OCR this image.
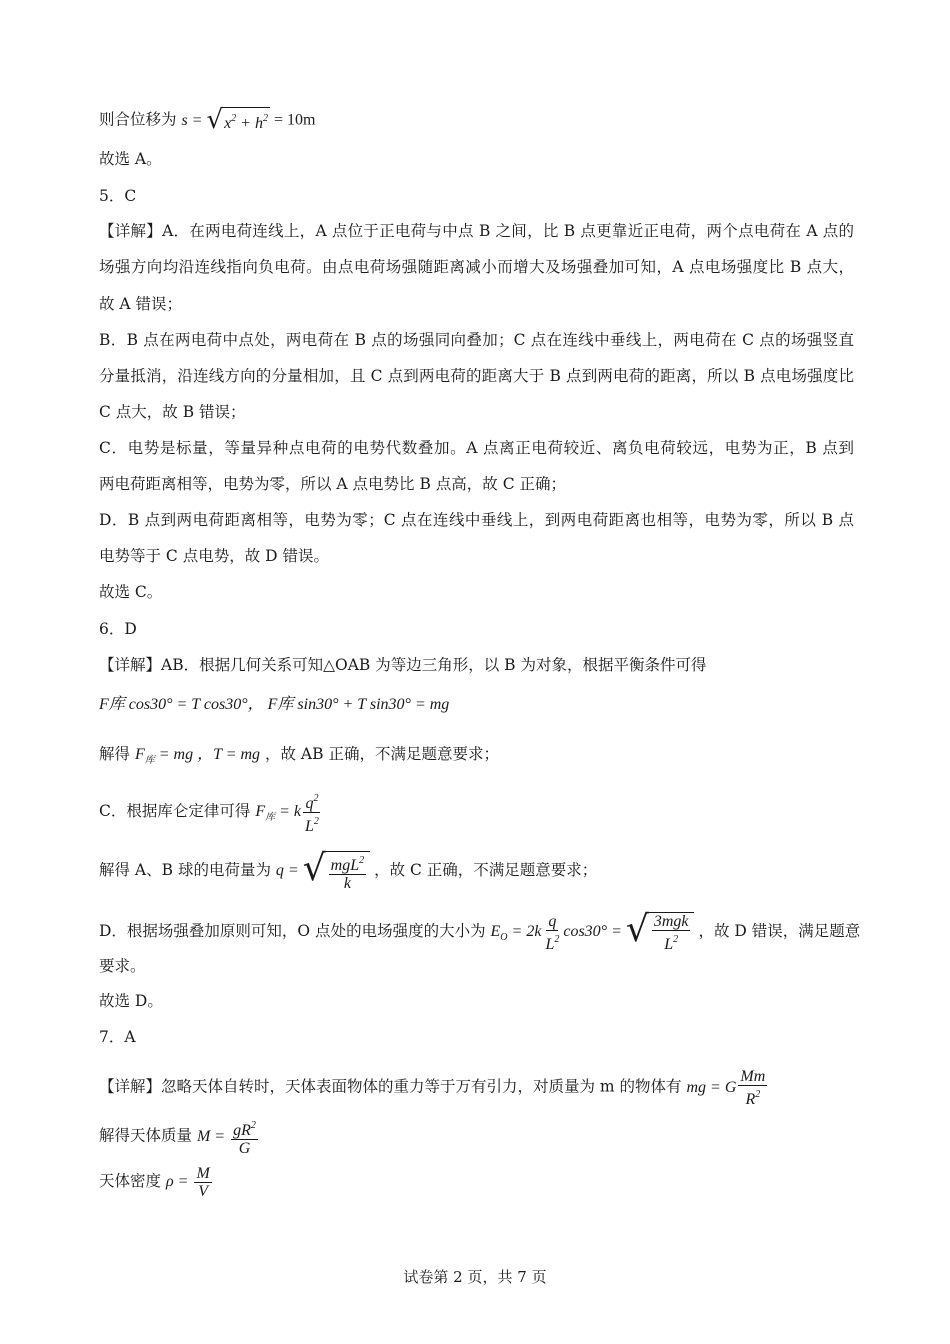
则合位移为 s = √ $x^2 + h^2 = 10m$
故选 A。
5．C
【详解】A．在两电荷连线上，A 点位于正电荷与中点 B 之间，比 B 点更靠近正电荷，两个点电荷在 A 点的
场强方向均沿连线指向负电荷。由点电荷场强随距离减小而增大及场强叠加可知，A 点电场强度比 B 点大，
故 A 错误；
B．B 点在两电荷中点处，两电荷在 B 点的场强同向叠加；C 点在连线中垂线上，两电荷在 C 点的场强竖直
分量抵消，沿连线方向的分量相加，且 C 点到两电荷的距离大于 B 点到两电荷的距离，所以 B 点电场强度比
C 点大，故 B 错误；
C．电势是标量，等量异种点电荷的电势代数叠加。A 点离正电荷较近、离负电荷较远，电势为正，B 点到
两电荷距离相等，电势为零，所以 A 点电势比 B 点高，故 C 正确；
D．B 点到两电荷距离相等，电势为零；C 点在连线中垂线上，到两电荷距离也相等，电势为零，所以 B 点
电势等于 C 点电势，故 D 错误。
故选 C。
6．D
【详解】AB．根据几何关系可知△OAB 为等边三角形，以 B 为对象，根据平衡条件可得
F库 cos30° = T cos30°， F库 sin30° + T sin30° = mg
解得 $F_库$ = mg ，T = mg ，故 AB 正确，不满足题意要求；
C．根据库仑定律可得 $F_库 = k \frac{q^2}{L^2}$
解得 A、B 球的电荷量为 q = √ $\frac{mgL^2}{k}$ ，故 C 正确，不满足题意要求；
D．根据场强叠加原则可知，O 点处的电场强度的大小为 $E_O = 2k \frac{q}{L^2} \cos 30^\circ$ = √ $\frac{\text{3mgk}}{L^2}$ ，故 D 错误，满足题意
要求。
故选 D。
7．A
【详解】忽略天体自转时，天体表面物体的重力等于万有引力，对质量为 m 的物体有 mg = G $\frac{Mm}{R^2}$
解得天体质量 $M = \frac{gR^2}{G}$
天体密度 $\rho = \frac{M}{V}$
试卷第 2 页，共 7 页
